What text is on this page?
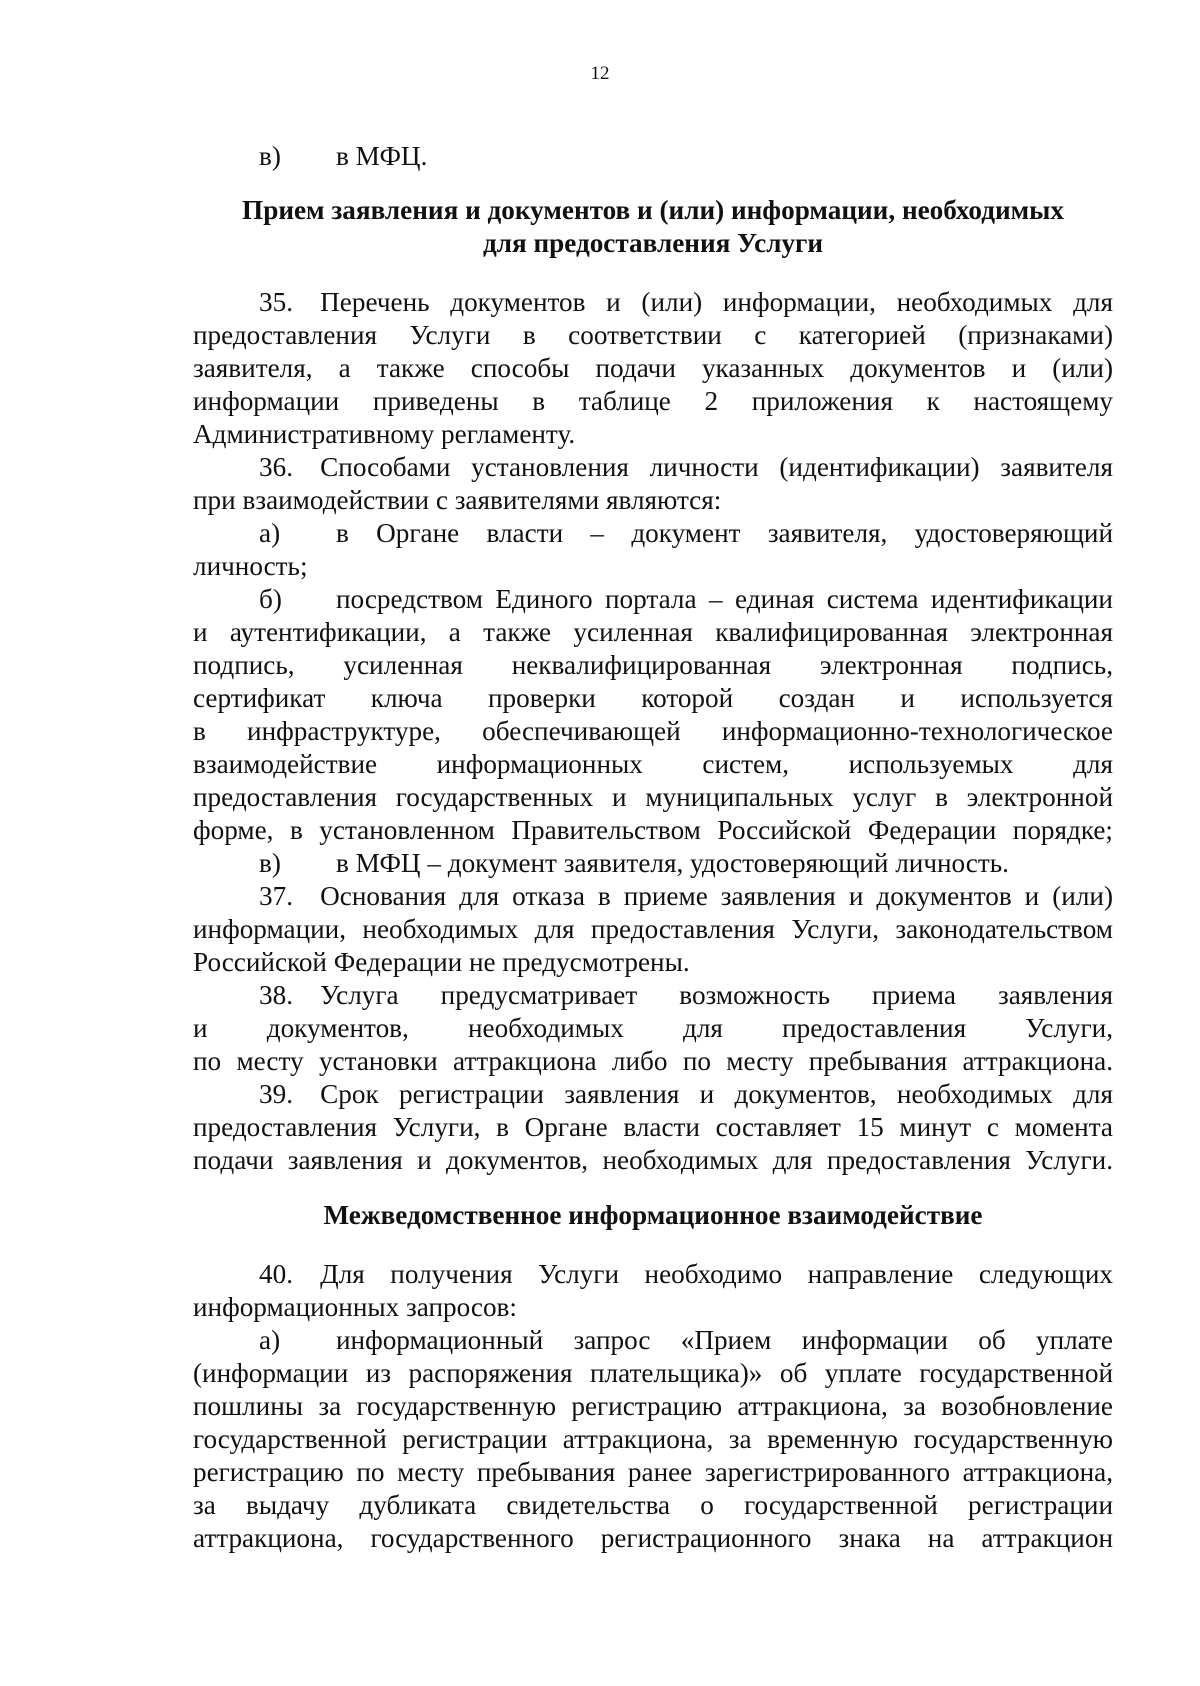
12
в) в МФЦ.
Прием заявления и документов и (или) информации, необходимых
для предоставления Услуги
35. Перечень документов и (или) информации, необходимых для
предоставления Услуги в соответствии с категорией (признаками)
заявителя, а также способы подачи указанных документов и (или)
информации приведены в таблице 2 приложения к настоящему
Административному регламенту.
36. Способами установления личности (идентификации) заявителя
при взаимодействии с заявителями являются:
а)	в Органе власти – документ заявителя, удостоверяющий
личность;
б)	посредством Единого портала – единая система идентификации
и аутентификации, а также усиленная квалифицированная электронная
подпись, усиленная неквалифицированная электронная подпись,
сертификат ключа проверки которой создан и используется
в инфраструктуре, обеспечивающей информационно-технологическое
взаимодействие информационных систем, используемых для
предоставления государственных и муниципальных услуг в электронной
форме, в установленном Правительством Российской Федерации порядке;
в) в МФЦ – документ заявителя, удостоверяющий личность.
37. Основания для отказа в приеме заявления и документов и (или)
информации, необходимых для предоставления Услуги, законодательством
Российской Федерации не предусмотрены.
38. Услуга предусматривает возможность приема заявления
и документов, необходимых для предоставления Услуги,
по месту установки аттракциона либо по месту пребывания аттракциона.
39. Срок регистрации заявления и документов, необходимых для
предоставления Услуги, в Органе власти составляет 15 минут с момента
подачи заявления и документов, необходимых для предоставления Услуги.
Межведомственное информационное взаимодействие
40. Для получения Услуги необходимо направление следующих
информационных запросов:
а)	информационный запрос «Прием информации об уплате
(информации из распоряжения плательщика)» об уплате государственной
пошлины за государственную регистрацию аттракциона, за возобновление
государственной регистрации аттракциона, за временную государственную
регистрацию по месту пребывания ранее зарегистрированного аттракциона,
за выдачу дубликата свидетельства о государственной регистрации
аттракциона, государственного регистрационного знака на аттракцион
